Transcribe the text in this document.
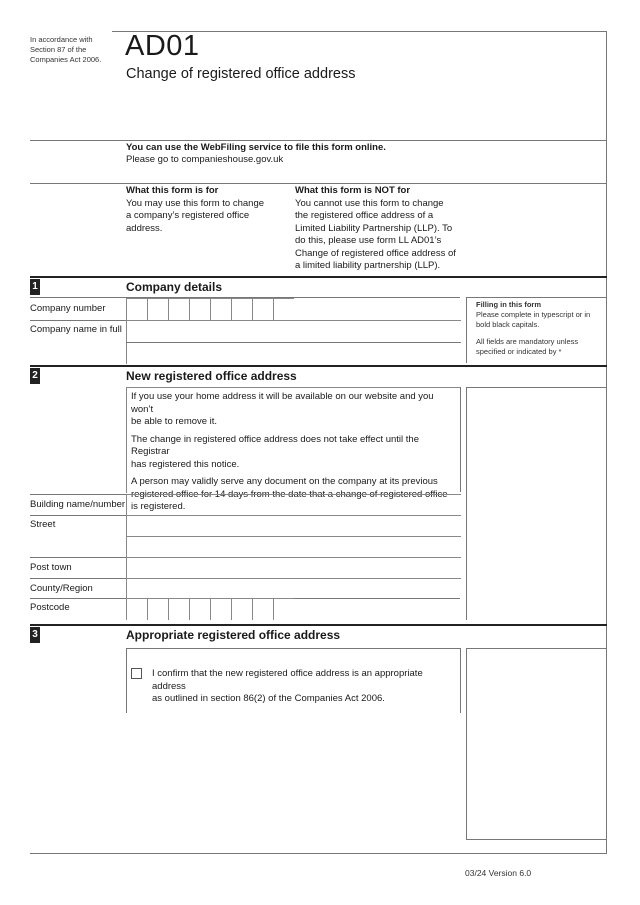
In accordance with
Section 87 of the
Companies Act 2006. AD01
Change of registered office address
You can use the WebFiling service to file this form online.
Please go to companieshouse.gov.uk
What this form is for
You may use this form to change
a company’s registered office
address.
What this form is NOT for
You cannot use this form to change
the registered office address of a
Limited Liability Partnership (LLP). To
do this, please use form LL AD01’s
Change of registered office address of
a limited liability partnership (LLP).
1	Company details
Company number
Company name in full
Filling in this form
Please complete in typescript or in
bold black capitals.
All fields are mandatory unless
specified or indicated by *
2	New registered office address
If you use your home address it will be available on our website and you won’t
be able to remove it.
The change in registered office address does not take effect until the Registrar
has registered this notice.
A person may validly serve any document on the company at its previous
registered office for 14 days from the date that a change of registered office
is registered.
Building name/number
Street
Post town
County/Region
Postcode
3	Appropriate registered office address
I confirm that the new registered office address is an appropriate address
as outlined in section 86(2) of the Companies Act 2006.
03/24 Version 6.0
